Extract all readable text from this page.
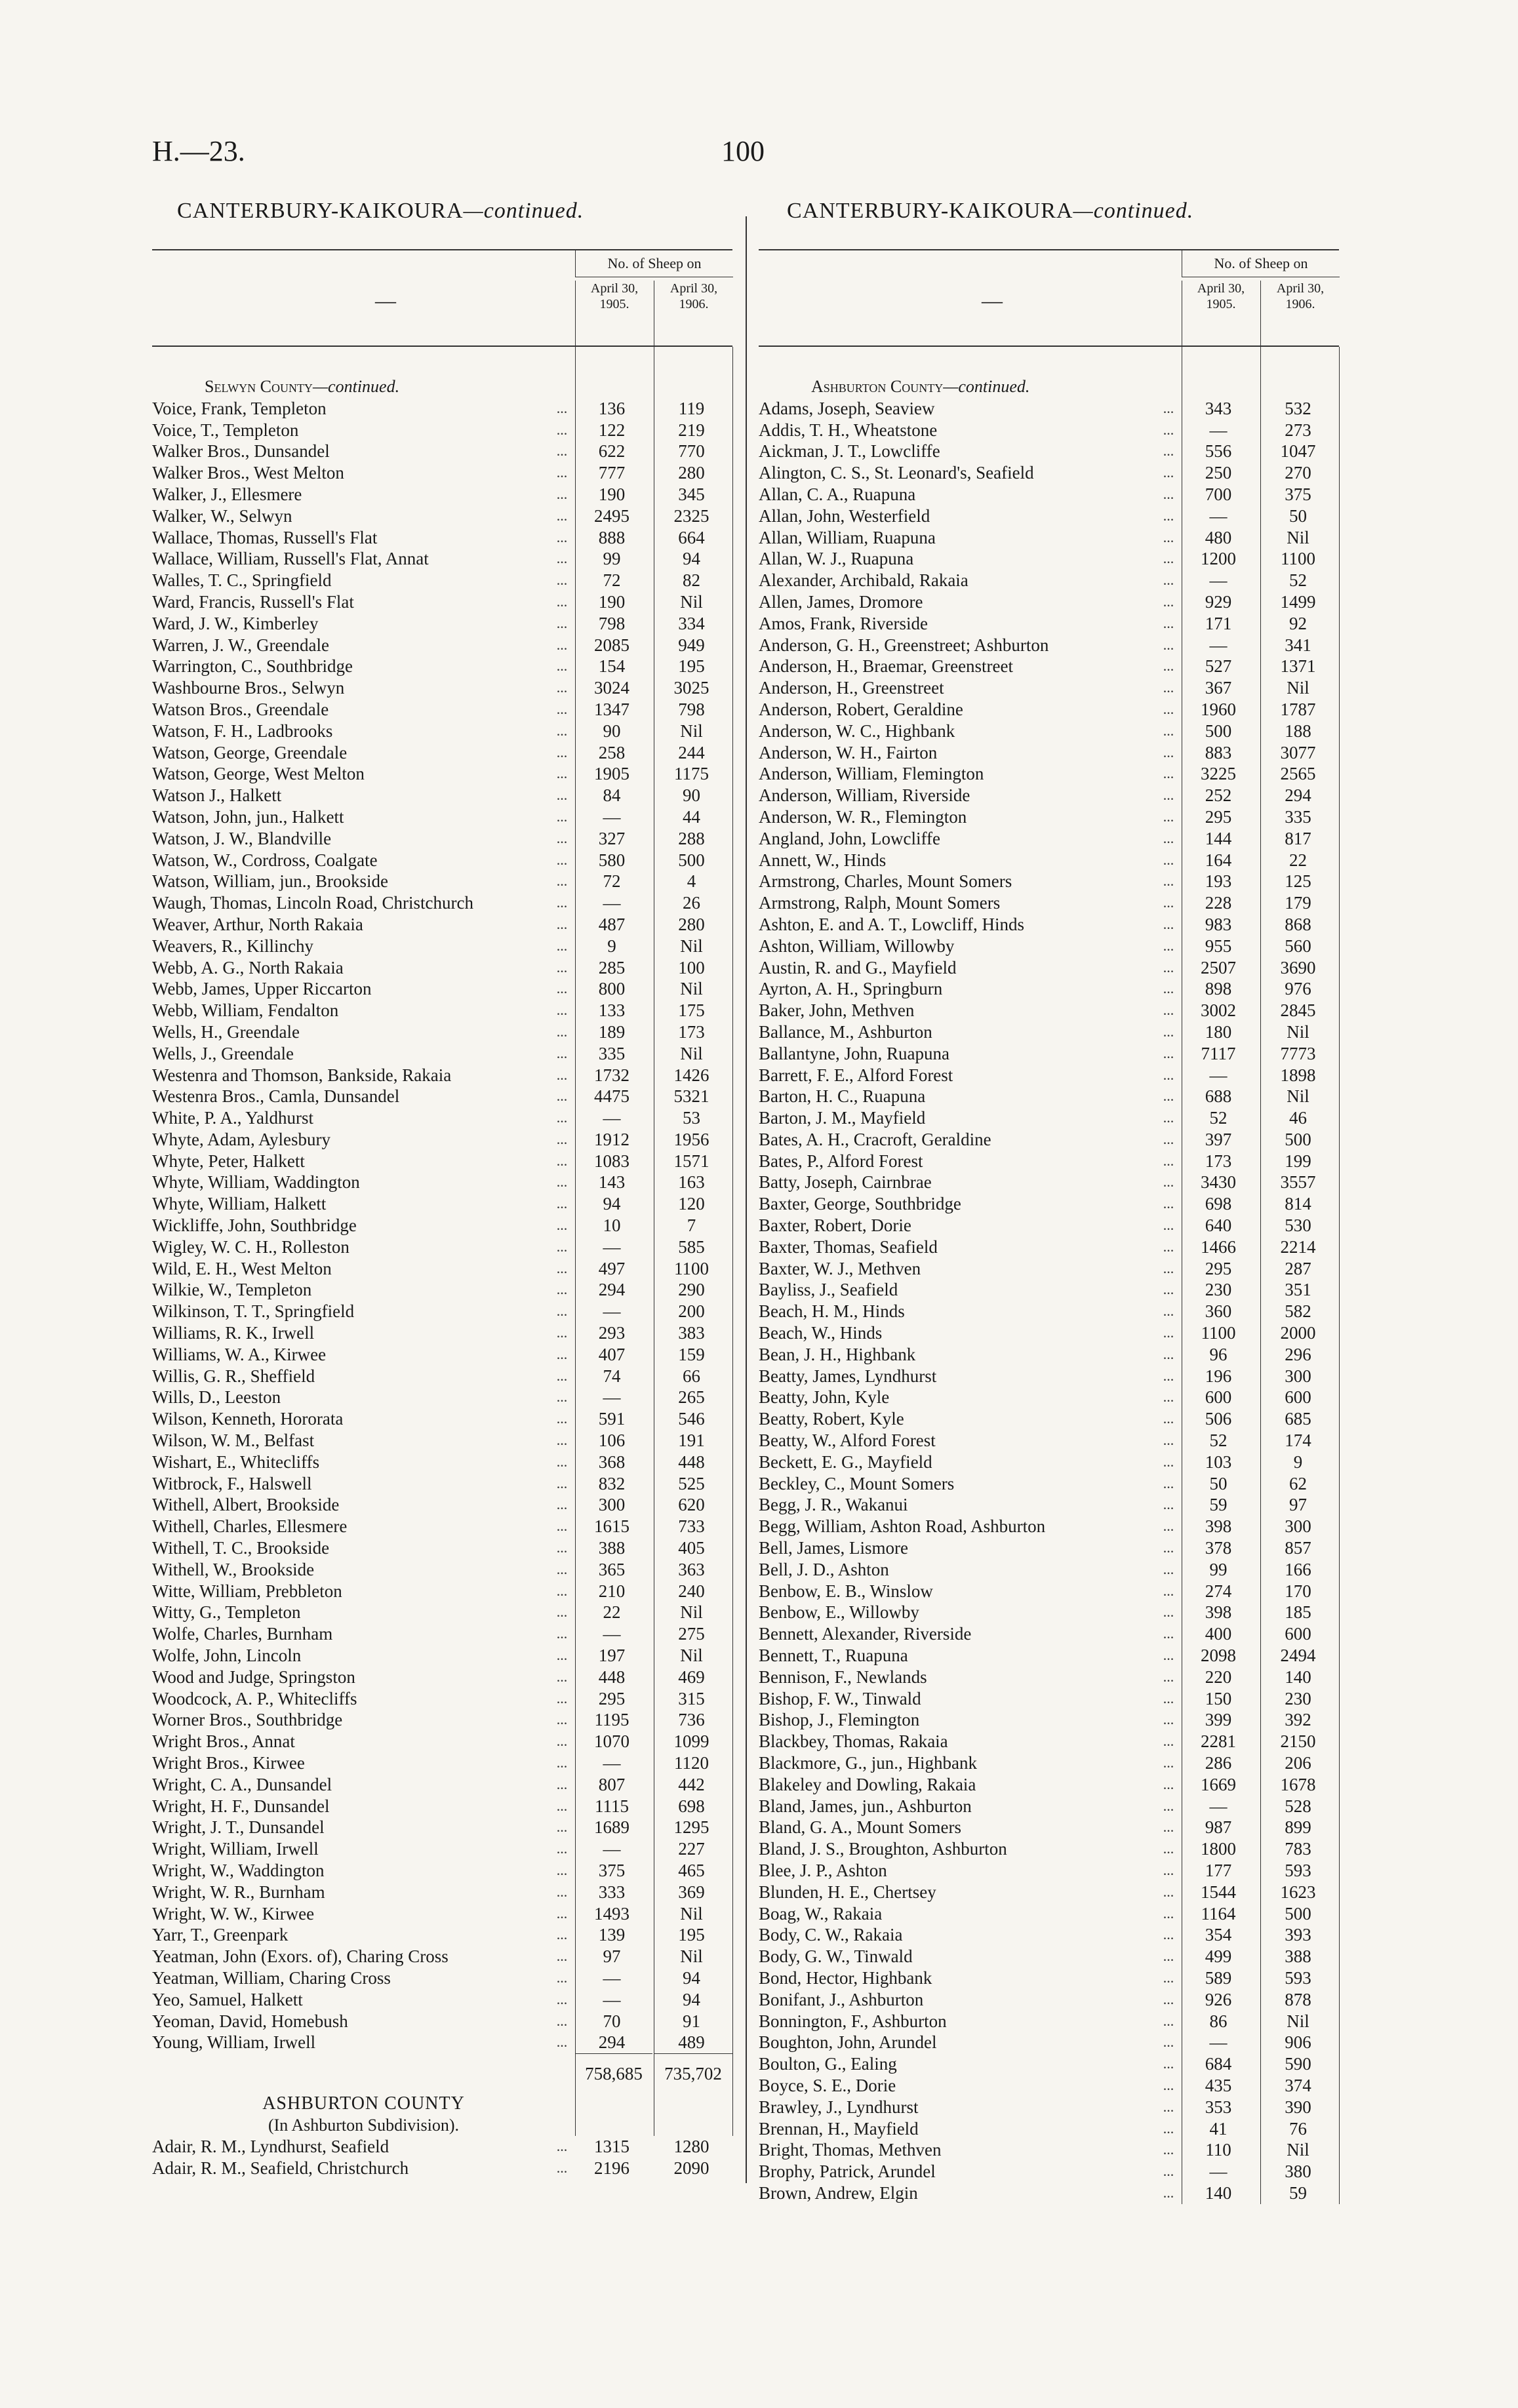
H.—23.	100
CANTERBURY-KAIKOURA—continued.	CANTERBURY-KAIKOURA—continued.
—
No. of Sheep on
April 30, 1905.
April 30, 1906.
Selwyn County—continued.
Voice, Frank, Templeton	...	136	119
Voice, T., Templeton	...	122	219
Walker Bros., Dunsandel	...	622	770
Walker Bros., West Melton	...	777	280
Walker, J., Ellesmere	...	190	345
Walker, W., Selwyn	...	2495	2325
Wallace, Thomas, Russell's Flat	...	888	664
Wallace, William, Russell's Flat, Annat	...	99	94
Walles, T. C., Springfield	...	72	82
Ward, Francis, Russell's Flat	...	190	Nil
Ward, J. W., Kimberley	...	798	334
Warren, J. W., Greendale	...	2085	949
Warrington, C., Southbridge	...	154	195
Washbourne Bros., Selwyn	...	3024	3025
Watson Bros., Greendale	...	1347	798
Watson, F. H., Ladbrooks	...	90	Nil
Watson, George, Greendale	...	258	244
Watson, George, West Melton	...	1905	1175
Watson J., Halkett	...	84	90
Watson, John, jun., Halkett	...	—	44
Watson, J. W., Blandville	...	327	288
Watson, W., Cordross, Coalgate	...	580	500
Watson, William, jun., Brookside	...	72	4
Waugh, Thomas, Lincoln Road, Christchurch	...	—	26
Weaver, Arthur, North Rakaia	...	487	280
Weavers, R., Killinchy	...	9	Nil
Webb, A. G., North Rakaia	...	285	100
Webb, James, Upper Riccarton	...	800	Nil
Webb, William, Fendalton	...	133	175
Wells, H., Greendale	...	189	173
Wells, J., Greendale	...	335	Nil
Westenra and Thomson, Bankside, Rakaia	...	1732	1426
Westenra Bros., Camla, Dunsandel	...	4475	5321
White, P. A., Yaldhurst	...	—	53
Whyte, Adam, Aylesbury	...	1912	1956
Whyte, Peter, Halkett	...	1083	1571
Whyte, William, Waddington	...	143	163
Whyte, William, Halkett	...	94	120
Wickliffe, John, Southbridge	...	10	7
Wigley, W. C. H., Rolleston	...	—	585
Wild, E. H., West Melton	...	497	1100
Wilkie, W., Templeton	...	294	290
Wilkinson, T. T., Springfield	...	—	200
Williams, R. K., Irwell	...	293	383
Williams, W. A., Kirwee	...	407	159
Willis, G. R., Sheffield	...	74	66
Wills, D., Leeston	...	—	265
Wilson, Kenneth, Hororata	...	591	546
Wilson, W. M., Belfast	...	106	191
Wishart, E., Whitecliffs	...	368	448
Witbrock, F., Halswell	...	832	525
Withell, Albert, Brookside	...	300	620
Withell, Charles, Ellesmere	...	1615	733
Withell, T. C., Brookside	...	388	405
Withell, W., Brookside	...	365	363
Witte, William, Prebbleton	...	210	240
Witty, G., Templeton	...	22	Nil
Wolfe, Charles, Burnham	...	—	275
Wolfe, John, Lincoln	...	197	Nil
Wood and Judge, Springston	...	448	469
Woodcock, A. P., Whitecliffs	...	295	315
Worner Bros., Southbridge	...	1195	736
Wright Bros., Annat	...	1070	1099
Wright Bros., Kirwee	...	—	1120
Wright, C. A., Dunsandel	...	807	442
Wright, H. F., Dunsandel	...	1115	698
Wright, J. T., Dunsandel	...	1689	1295
Wright, William, Irwell	...	—	227
Wright, W., Waddington	...	375	465
Wright, W. R., Burnham	...	333	369
Wright, W. W., Kirwee	...	1493	Nil
Yarr, T., Greenpark	...	139	195
Yeatman, John (Exors. of), Charing Cross	...	97	Nil
Yeatman, William, Charing Cross	...	—	94
Yeo, Samuel, Halkett	...	—	94
Yeoman, David, Homebush	...	70	91
Young, William, Irwell	...	294	489
758,685	735,702
ASHBURTON COUNTY
(In Ashburton Subdivision).
Adair, R. M., Lyndhurst, Seafield	...	1315	1280
Adair, R. M., Seafield, Christchurch	...	2196	2090
—
No. of Sheep on
April 30, 1905.
April 30, 1906.
Ashburton County—continued.
Adams, Joseph, Seaview	...	343	532
Addis, T. H., Wheatstone	...	—	273
Aickman, J. T., Lowcliffe	...	556	1047
Alington, C. S., St. Leonard's, Seafield	...	250	270
Allan, C. A., Ruapuna	...	700	375
Allan, John, Westerfield	...	—	50
Allan, William, Ruapuna	...	480	Nil
Allan, W. J., Ruapuna	...	1200	1100
Alexander, Archibald, Rakaia	...	—	52
Allen, James, Dromore	...	929	1499
Amos, Frank, Riverside	...	171	92
Anderson, G. H., Greenstreet; Ashburton	...	—	341
Anderson, H., Braemar, Greenstreet	...	527	1371
Anderson, H., Greenstreet	...	367	Nil
Anderson, Robert, Geraldine	...	1960	1787
Anderson, W. C., Highbank	...	500	188
Anderson, W. H., Fairton	...	883	3077
Anderson, William, Flemington	...	3225	2565
Anderson, William, Riverside	...	252	294
Anderson, W. R., Flemington	...	295	335
Angland, John, Lowcliffe	...	144	817
Annett, W., Hinds	...	164	22
Armstrong, Charles, Mount Somers	...	193	125
Armstrong, Ralph, Mount Somers	...	228	179
Ashton, E. and A. T., Lowcliff, Hinds	...	983	868
Ashton, William, Willowby	...	955	560
Austin, R. and G., Mayfield	...	2507	3690
Ayrton, A. H., Springburn	...	898	976
Baker, John, Methven	...	3002	2845
Ballance, M., Ashburton	...	180	Nil
Ballantyne, John, Ruapuna	...	7117	7773
Barrett, F. E., Alford Forest	...	—	1898
Barton, H. C., Ruapuna	...	688	Nil
Barton, J. M., Mayfield	...	52	46
Bates, A. H., Cracroft, Geraldine	...	397	500
Bates, P., Alford Forest	...	173	199
Batty, Joseph, Cairnbrae	...	3430	3557
Baxter, George, Southbridge	...	698	814
Baxter, Robert, Dorie	...	640	530
Baxter, Thomas, Seafield	...	1466	2214
Baxter, W. J., Methven	...	295	287
Bayliss, J., Seafield	...	230	351
Beach, H. M., Hinds	...	360	582
Beach, W., Hinds	...	1100	2000
Bean, J. H., Highbank	...	96	296
Beatty, James, Lyndhurst	...	196	300
Beatty, John, Kyle	...	600	600
Beatty, Robert, Kyle	...	506	685
Beatty, W., Alford Forest	...	52	174
Beckett, E. G., Mayfield	...	103	9
Beckley, C., Mount Somers	...	50	62
Begg, J. R., Wakanui	...	59	97
Begg, William, Ashton Road, Ashburton	...	398	300
Bell, James, Lismore	...	378	857
Bell, J. D., Ashton	...	99	166
Benbow, E. B., Winslow	...	274	170
Benbow, E., Willowby	...	398	185
Bennett, Alexander, Riverside	...	400	600
Bennett, T., Ruapuna	...	2098	2494
Bennison, F., Newlands	...	220	140
Bishop, F. W., Tinwald	...	150	230
Bishop, J., Flemington	...	399	392
Blackbey, Thomas, Rakaia	...	2281	2150
Blackmore, G., jun., Highbank	...	286	206
Blakeley and Dowling, Rakaia	...	1669	1678
Bland, James, jun., Ashburton	...	—	528
Bland, G. A., Mount Somers	...	987	899
Bland, J. S., Broughton, Ashburton	...	1800	783
Blee, J. P., Ashton	...	177	593
Blunden, H. E., Chertsey	...	1544	1623
Boag, W., Rakaia	...	1164	500
Body, C. W., Rakaia	...	354	393
Body, G. W., Tinwald	...	499	388
Bond, Hector, Highbank	...	589	593
Bonifant, J., Ashburton	...	926	878
Bonnington, F., Ashburton	...	86	Nil
Boughton, John, Arundel	...	—	906
Boulton, G., Ealing	...	684	590
Boyce, S. E., Dorie	...	435	374
Brawley, J., Lyndhurst	...	353	390
Brennan, H., Mayfield	...	41	76
Bright, Thomas, Methven	...	110	Nil
Brophy, Patrick, Arundel	...	—	380
Brown, Andrew, Elgin	...	140	59
